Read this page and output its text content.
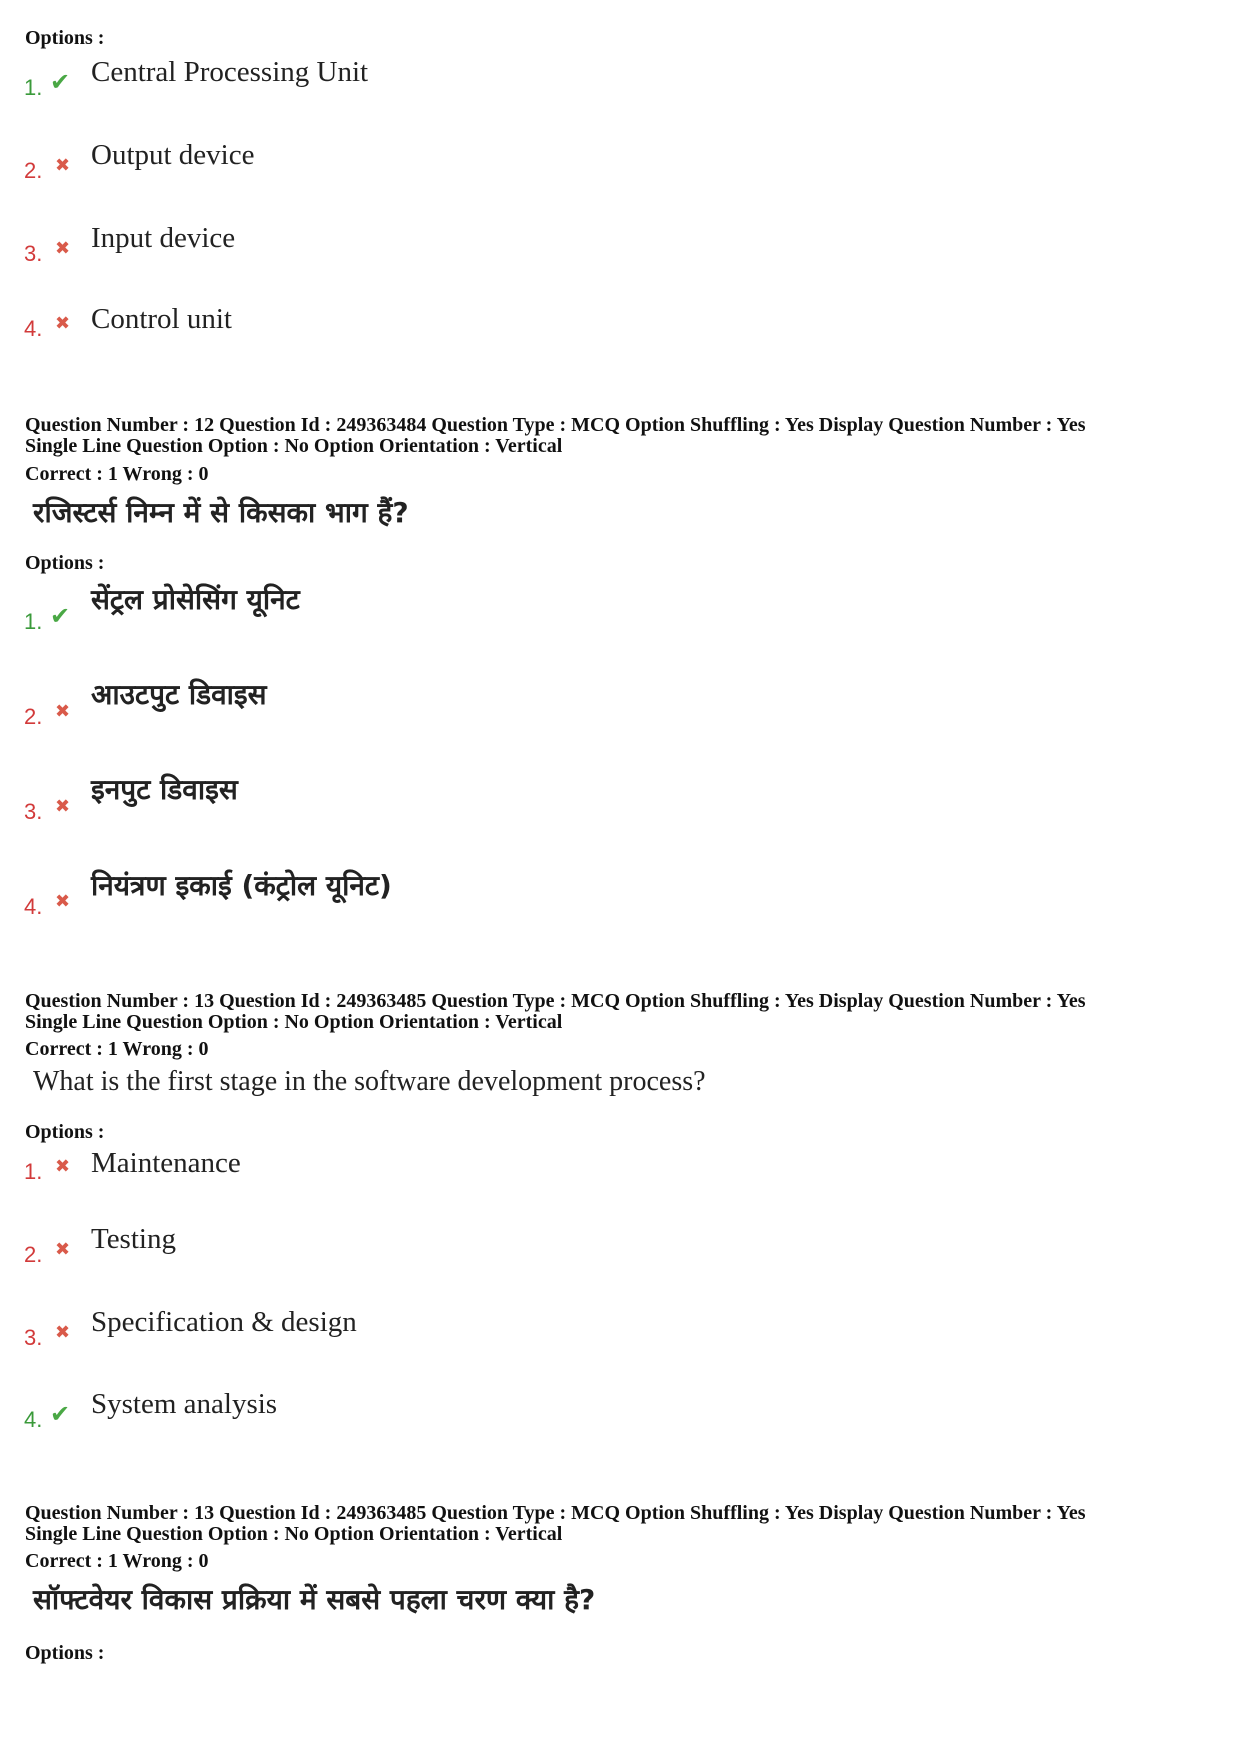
Options :
1. ✔ Central Processing Unit
2. ✖ Output device
3. ✖ Input device
4. ✖ Control unit
Question Number : 12 Question Id : 249363484 Question Type : MCQ Option Shuffling : Yes Display Question Number : Yes
Single Line Question Option : No Option Orientation : Vertical
Correct : 1 Wrong : 0
रजिस्टर्स निम्न में से किसका भाग हैं?
Options :
1. ✔ सेंट्रल प्रोसेसिंग यूनिट
2. ✖
आउटपुट डिवाइस
3. ✖
इनपुट डिवाइस
4. ✖ नियंत्रण इकाई (कंट्रोल यूनिट)
Question Number : 13 Question Id : 249363485 Question Type : MCQ Option Shuffling : Yes Display Question Number : Yes
Single Line Question Option : No Option Orientation : Vertical
Correct : 1 Wrong : 0
What is the first stage in the software development process?
Options :
1. ✖ Maintenance
2. ✖ Testing
3. ✖ Specification & design
4. ✔ System analysis
Question Number : 13 Question Id : 249363485 Question Type : MCQ Option Shuffling : Yes Display Question Number : Yes
Single Line Question Option : No Option Orientation : Vertical
Correct : 1 Wrong : 0
सॉफ्टवेयर विकास प्रक्रिया में सबसे पहला चरण क्या है?
Options :
